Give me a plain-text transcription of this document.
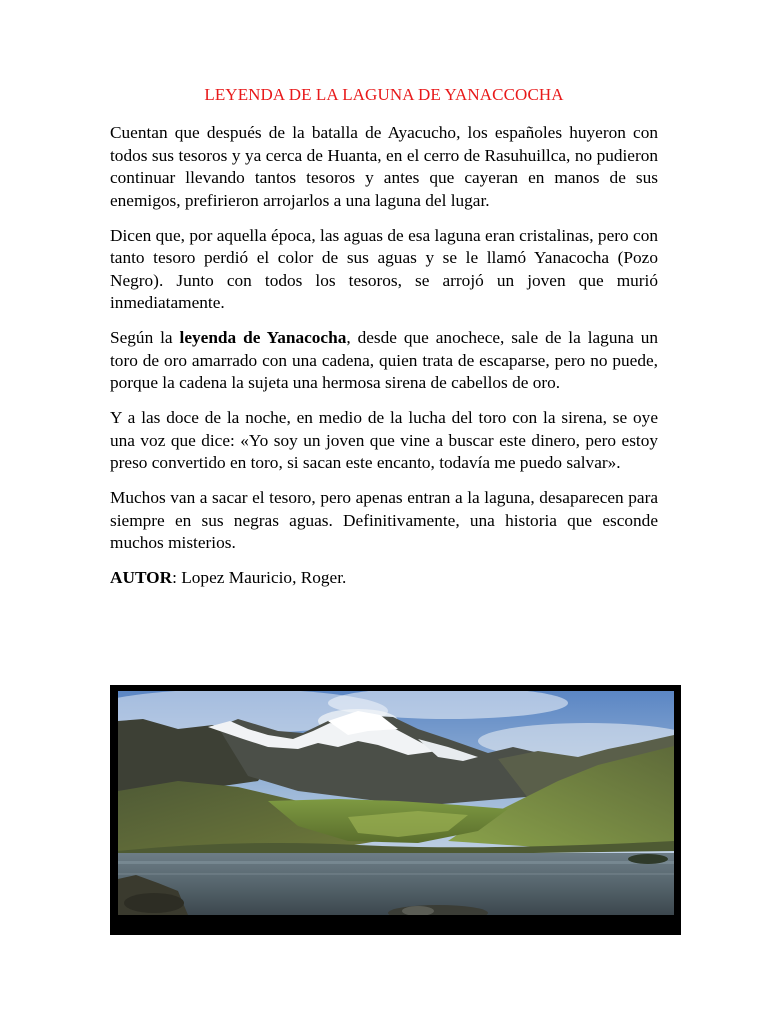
LEYENDA DE LA LAGUNA DE YANACCOCHA

Cuentan que después de la batalla de Ayacucho, los españoles huyeron con todos sus tesoros y ya cerca de Huanta, en el cerro de Rasuhuillca, no pudieron continuar llevando tantos tesoros y antes que cayeran en manos de sus enemigos, prefirieron arrojarlos a una laguna del lugar.

Dicen que, por aquella época, las aguas de esa laguna eran cristalinas, pero con tanto tesoro perdió el color de sus aguas y se le llamó Yanacocha (Pozo Negro). Junto con todos los tesoros, se arrojó un joven que murió inmediatamente.

Según la leyenda de Yanacocha, desde que anochece, sale de la laguna un toro de oro amarrado con una cadena, quien trata de escaparse, pero no puede, porque la cadena la sujeta una hermosa sirena de cabellos de oro.

Y a las doce de la noche, en medio de la lucha del toro con la sirena, se oye una voz que dice: «Yo soy un joven que vine a buscar este dinero, pero estoy preso convertido en toro, si sacan este encanto, todavía me puedo salvar».

Muchos van a sacar el tesoro, pero apenas entran a la laguna, desaparecen para siempre en sus negras aguas. Definitivamente, una historia que esconde muchos misterios.

AUTOR: Lopez Mauricio, Roger.
